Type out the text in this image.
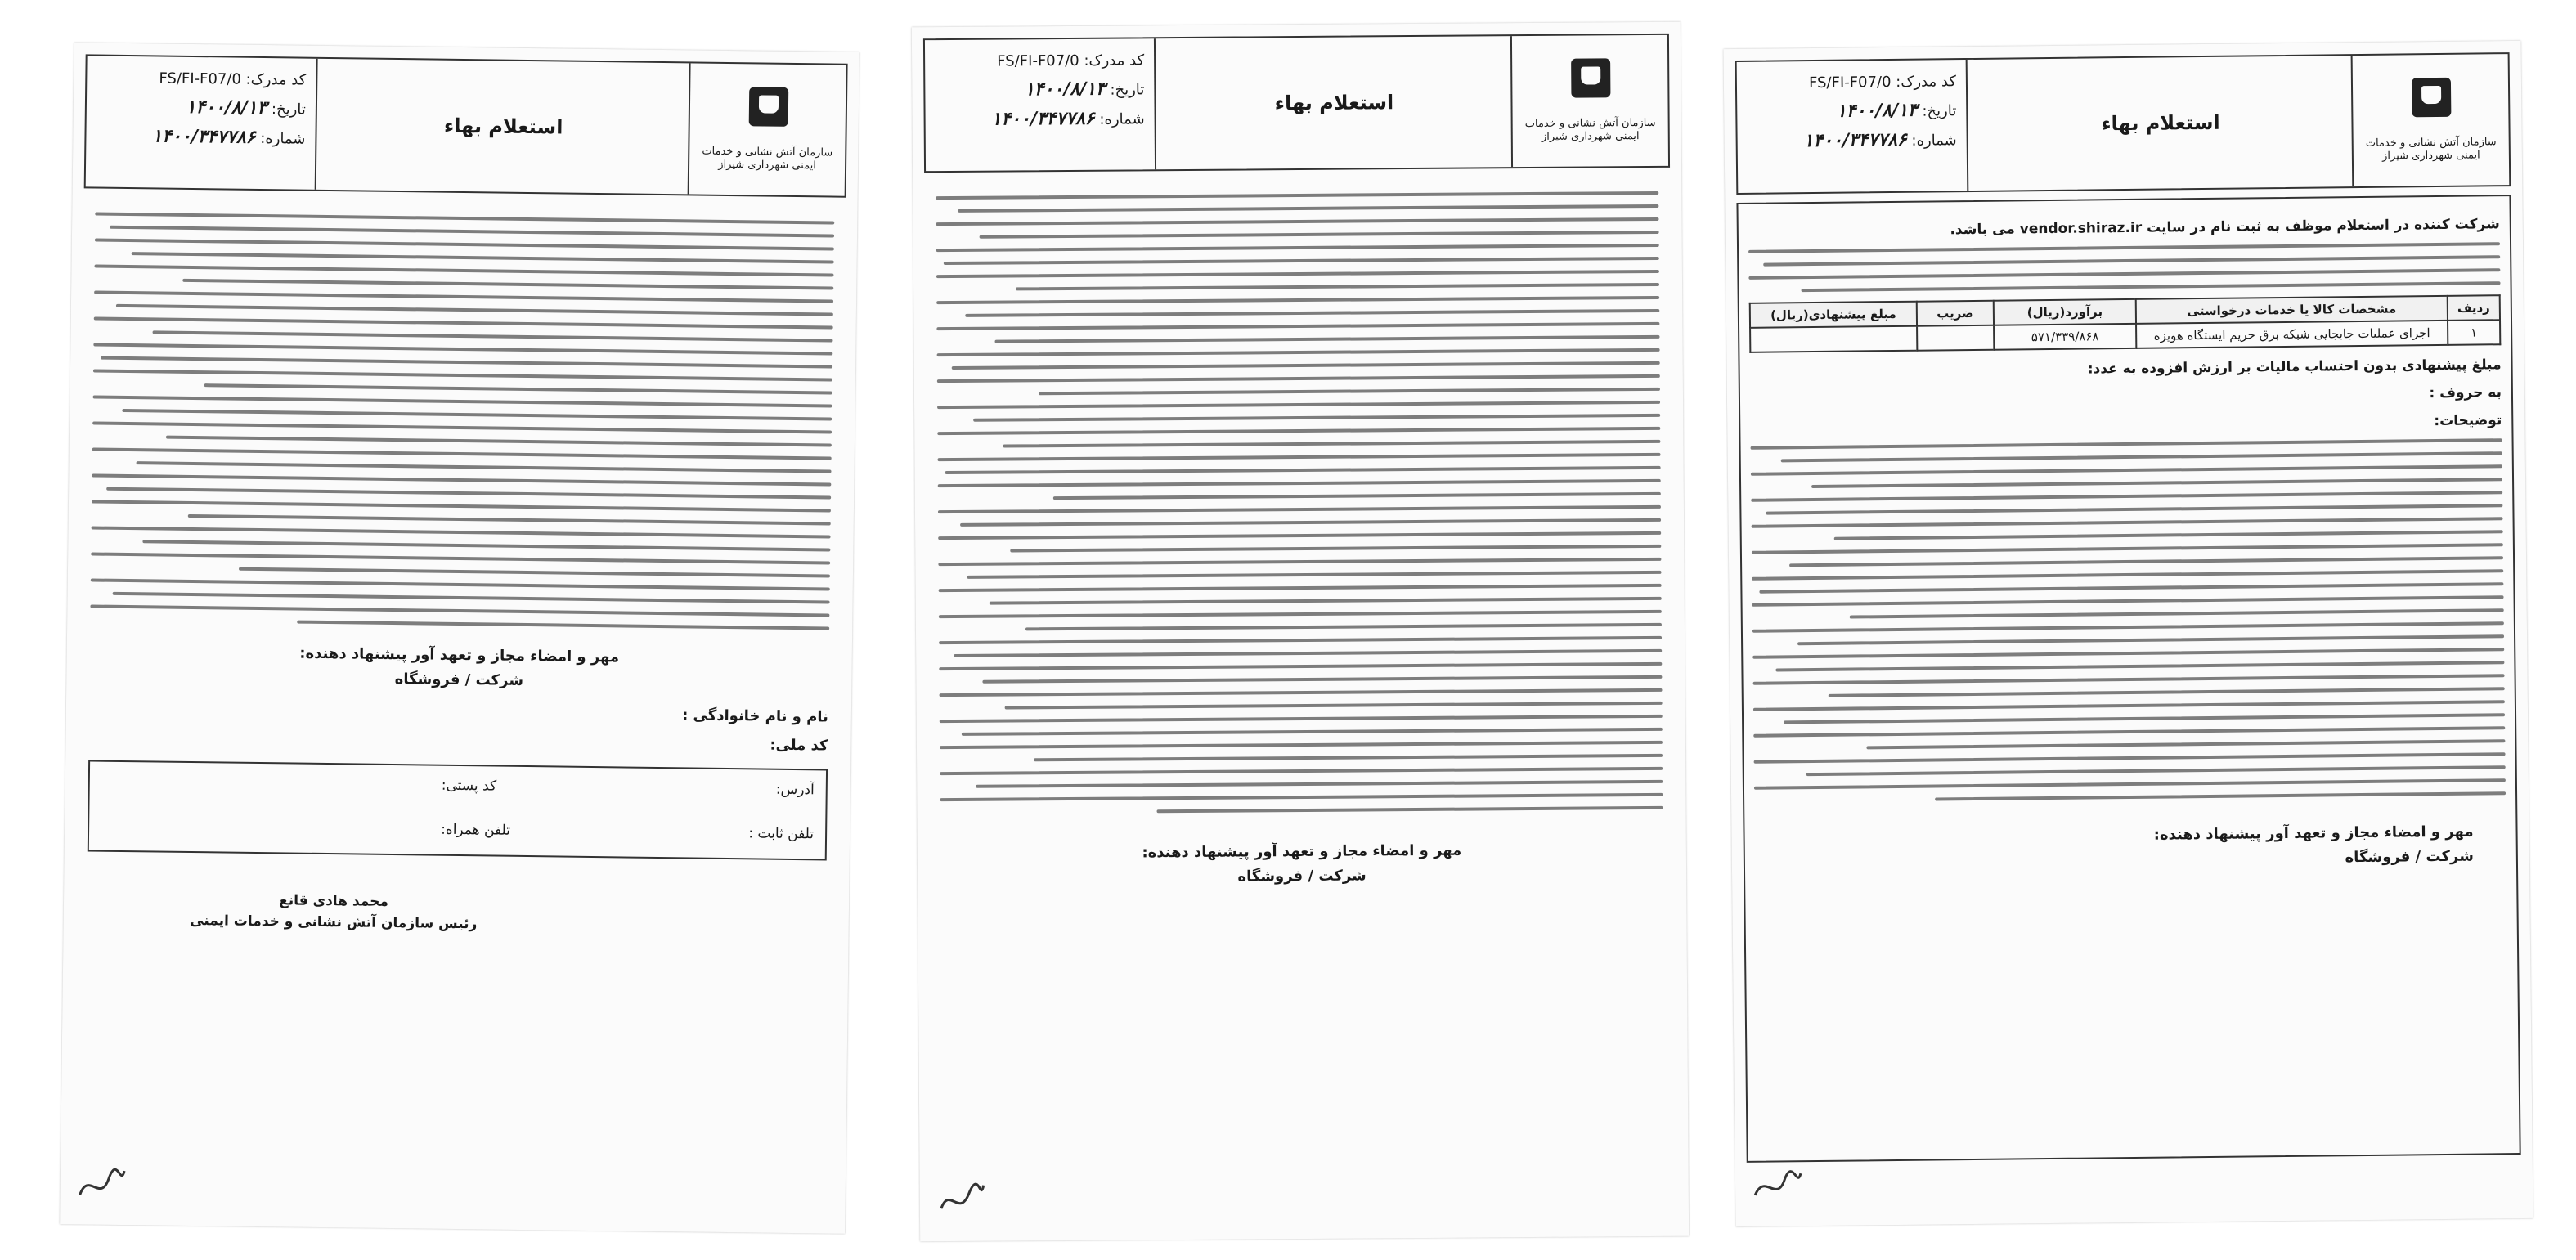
سازمان آتش نشانی و خدمات ایمنی شهرداری شیراز
استعلام بهاء
کد مدرک: FS/FI-F07/0
تاریخ: ۱۴۰۰/۸/۱۳
شماره: ۱۴۰۰/۳۴۷۷۸۶
مهر و امضاء مجاز و تعهد آور پیشنهاد دهنده:
شرکت / فروشگاه
نام و نام خانوادگی :
کد ملی:
آدرس:
کد پستی:
تلفن ثابت :
تلفن همراه:
محمد هادی قانع
رئیس سازمان آتش نشانی و خدمات ایمنی
سازمان آتش نشانی و خدمات ایمنی شهرداری شیراز
استعلام بهاء
کد مدرک: FS/FI-F07/0
تاریخ: ۱۴۰۰/۸/۱۳
شماره: ۱۴۰۰/۳۴۷۷۸۶
مهر و امضاء مجاز و تعهد آور پیشنهاد دهنده:
شرکت / فروشگاه
سازمان آتش نشانی و خدمات ایمنی شهرداری شیراز
استعلام بهاء
کد مدرک: FS/FI-F07/0
تاریخ: ۱۴۰۰/۸/۱۳
شماره: ۱۴۰۰/۳۴۷۷۸۶
شرکت کننده در استعلام موظف به ثبت نام در سایت vendor.shiraz.ir می باشد.
ردیف	مشخصات کالا یا خدمات درخواستی	برآورد(ریال)	ضریب	مبلغ پیشنهادی(ریال)
۱	اجرای عملیات جابجایی شبکه برق حریم ایستگاه هویزه	۵۷۱/۳۳۹/۸۶۸		
مبلغ پیشنهادی بدون احتساب مالیات بر ارزش افزوده به عدد:
به حروف :
توضیحات:
مهر و امضاء مجاز و تعهد آور پیشنهاد دهنده:
شرکت / فروشگاه
